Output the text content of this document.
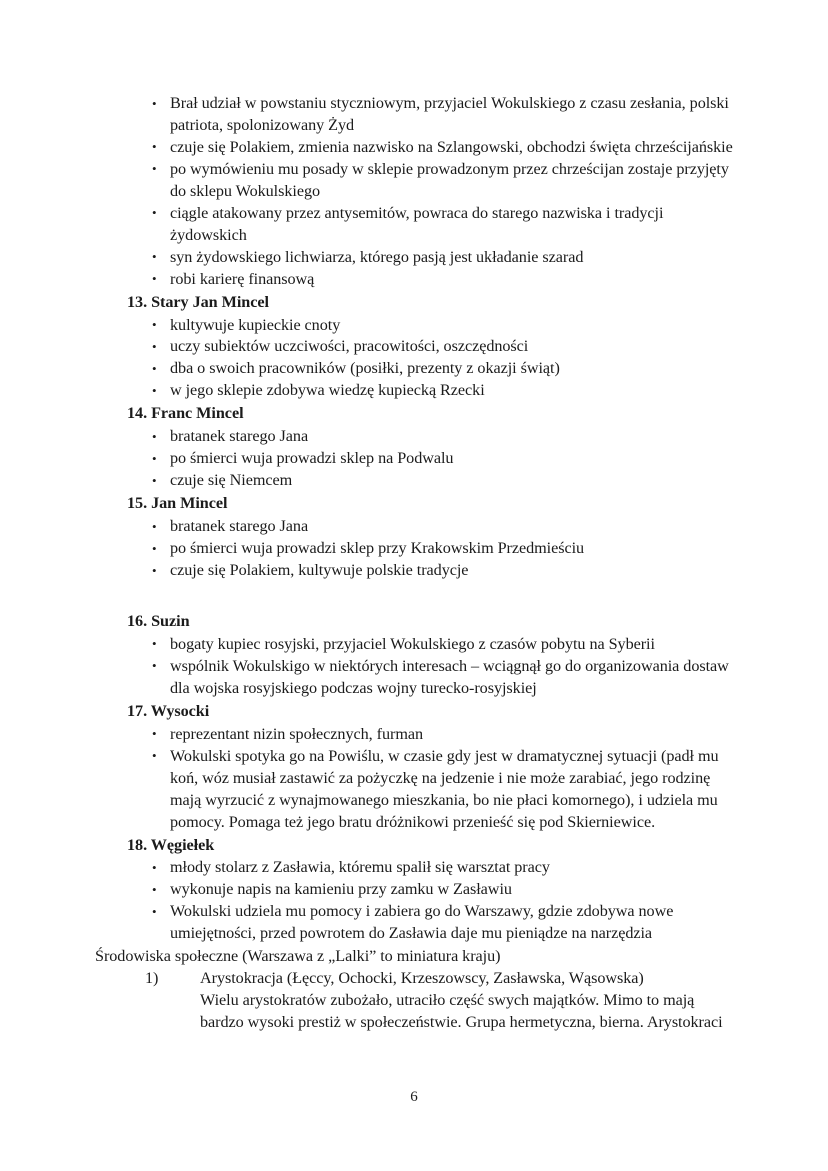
• Brał udział w powstaniu styczniowym, przyjaciel Wokulskiego z czasu zesłania, polski patriota, spolonizowany Żyd
• czuje się Polakiem, zmienia nazwisko na Szlangowski, obchodzi święta chrześcijańskie
• po wymówieniu mu posady w sklepie prowadzonym przez chrześcijan zostaje przyjęty do sklepu Wokulskiego
• ciągle atakowany przez antysemitów, powraca do starego nazwiska i tradycji żydowskich
• syn żydowskiego lichwiarza, którego pasją jest układanie szarad
• robi karierę finansową
13. Stary Jan Mincel
• kultywuje kupieckie cnoty
• uczy subiektów uczciwości, pracowitości, oszczędności
• dba o swoich pracowników (posiłki, prezenty z okazji świąt)
• w jego sklepie zdobywa wiedzę kupiecką Rzecki
14. Franc Mincel
• bratanek starego Jana
• po śmierci wuja prowadzi sklep na Podwalu
• czuje się Niemcem
15. Jan Mincel
• bratanek starego Jana
• po śmierci wuja prowadzi sklep przy Krakowskim Przedmieściu
• czuje się Polakiem, kultywuje polskie tradycje
16. Suzin
• bogaty kupiec rosyjski, przyjaciel Wokulskiego z czasów pobytu na Syberii
• wspólnik Wokulskigo w niektórych interesach – wciągnął go do organizowania dostaw dla wojska rosyjskiego podczas wojny turecko-rosyjskiej
17. Wysocki
• reprezentant nizin społecznych, furman
• Wokulski spotyka go na Powiślu, w czasie gdy jest w dramatycznej sytuacji (padł mu koń, wóz musiał zastawić za pożyczkę na jedzenie i nie może zarabiać, jego rodzinę mają wyrzucić z wynajmowanego mieszkania, bo nie płaci komornego), i udziela mu pomocy. Pomaga też jego bratu dróżnikowi przenieść się pod Skierniewice.
18. Węgiełek
• młody stolarz z Zasławia, któremu spalił się warsztat pracy
• wykonuje napis na kamieniu przy zamku w Zasławiu
• Wokulski udziela mu pomocy i zabiera go do Warszawy, gdzie zdobywa nowe umiejętności, przed powrotem do Zasławia daje mu pieniądze na narzędzia

Środowiska społeczne (Warszawa z „Lalki” to miniatura kraju)

1)	Arystokracja (Łęccy, Ochocki, Krzeszowscy, Zasławska, Wąsowska)

Wielu arystokratów zubożało, utraciło część swych majątków. Mimo to mają bardzo wysoki prestiż w społeczeństwie. Grupa hermetyczna, bierna. Arystokraci

6
